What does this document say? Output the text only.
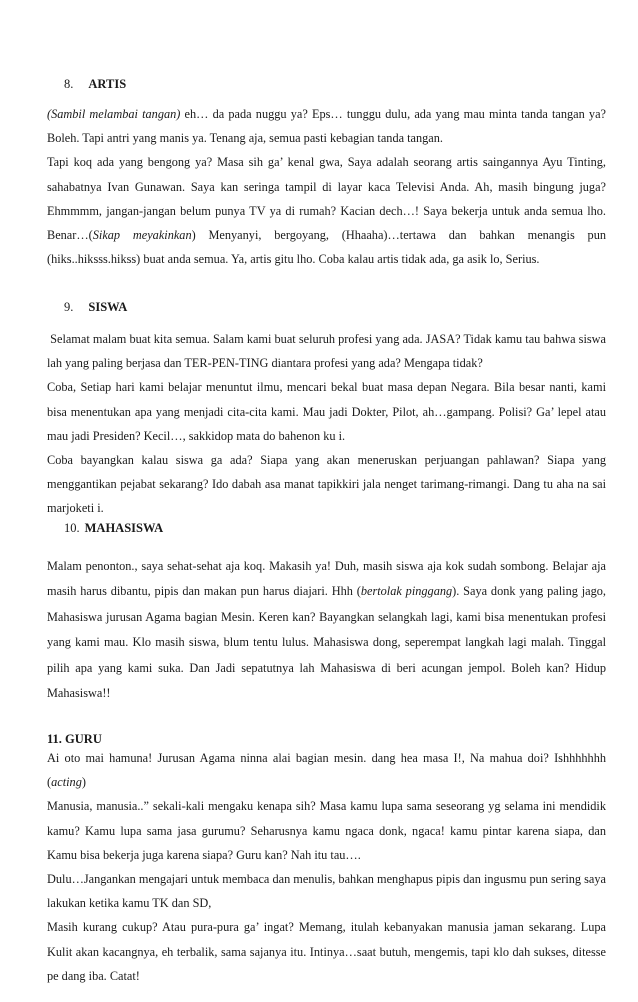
8. ARTIS

(Sambil melambai tangan) eh… da pada nuggu ya? Eps… tunggu dulu, ada yang mau minta tanda tangan ya? Boleh. Tapi antri yang manis ya. Tenang aja, semua pasti kebagian tanda tangan.

Tapi koq ada yang bengong ya? Masa sih ga’ kenal gwa, Saya adalah seorang artis saingannya Ayu Tinting, sahabatnya Ivan Gunawan. Saya kan seringa tampil di layar kaca Televisi Anda. Ah, masih bingung juga? Ehmmmm, jangan-jangan belum punya TV ya di rumah? Kacian dech…! Saya bekerja untuk anda semua lho. Benar…(Sikap meyakinkan) Menyanyi, bergoyang, (Hhaaha)…tertawa dan bahkan menangis pun (hiks..hiksss.hikss) buat anda semua. Ya, artis gitu lho. Coba kalau artis tidak ada, ga asik lo, Serius.

9. SISWA

Selamat malam buat kita semua. Salam kami buat seluruh profesi yang ada. JASA? Tidak kamu tau bahwa siswa lah yang paling berjasa dan TER-PEN-TING diantara profesi yang ada? Mengapa tidak?

Coba, Setiap hari kami belajar menuntut ilmu, mencari bekal buat masa depan Negara. Bila besar nanti, kami bisa menentukan apa yang menjadi cita-cita kami. Mau jadi Dokter, Pilot, ah…gampang. Polisi? Ga’ lepel atau mau jadi Presiden? Kecil…, sakkidop mata do bahenon ku i.

Coba bayangkan kalau siswa ga ada? Siapa yang akan meneruskan perjuangan pahlawan? Siapa yang menggantikan pejabat sekarang? Ido dabah asa manat tapikkiri jala nenget tarimang-rimangi. Dang tu aha na sai marjoketi i.

10. MAHASISWA

Malam penonton., saya sehat-sehat aja koq. Makasih ya! Duh, masih siswa aja kok sudah sombong. Belajar aja masih harus dibantu, pipis dan makan pun harus diajari. Hhh (bertolak pinggang). Saya donk yang paling jago, Mahasiswa jurusan Agama bagian Mesin. Keren kan? Bayangkan selangkah lagi, kami bisa menentukan profesi yang kami mau. Klo masih siswa, blum tentu lulus. Mahasiswa dong, seperempat langkah lagi malah. Tinggal pilih apa yang kami suka. Dan Jadi sepatutnya lah Mahasiswa di beri acungan jempol. Boleh kan? Hidup Mahasiswa!!

11. GURU

Ai oto mai hamuna! Jurusan Agama ninna alai bagian mesin. dang hea masa I!, Na mahua doi? Ishhhhhhh (acting)

Manusia, manusia..” sekali-kali mengaku kenapa sih? Masa kamu lupa sama seseorang yg selama ini mendidik kamu? Kamu lupa sama jasa gurumu? Seharusnya kamu ngaca donk, ngaca! kamu pintar karena siapa, dan Kamu bisa bekerja juga karena siapa? Guru kan? Nah itu tau….

Dulu…Jangankan mengajari untuk membaca dan menulis, bahkan menghapus pipis dan ingusmu pun sering saya lakukan ketika kamu TK dan SD,

Masih kurang cukup? Atau pura-pura ga’ ingat? Memang, itulah kebanyakan manusia jaman sekarang. Lupa Kulit akan kacangnya, eh terbalik, sama sajanya itu. Intinya…saat butuh, mengemis, tapi klo dah sukses, ditesse pe dang iba. Catat!
